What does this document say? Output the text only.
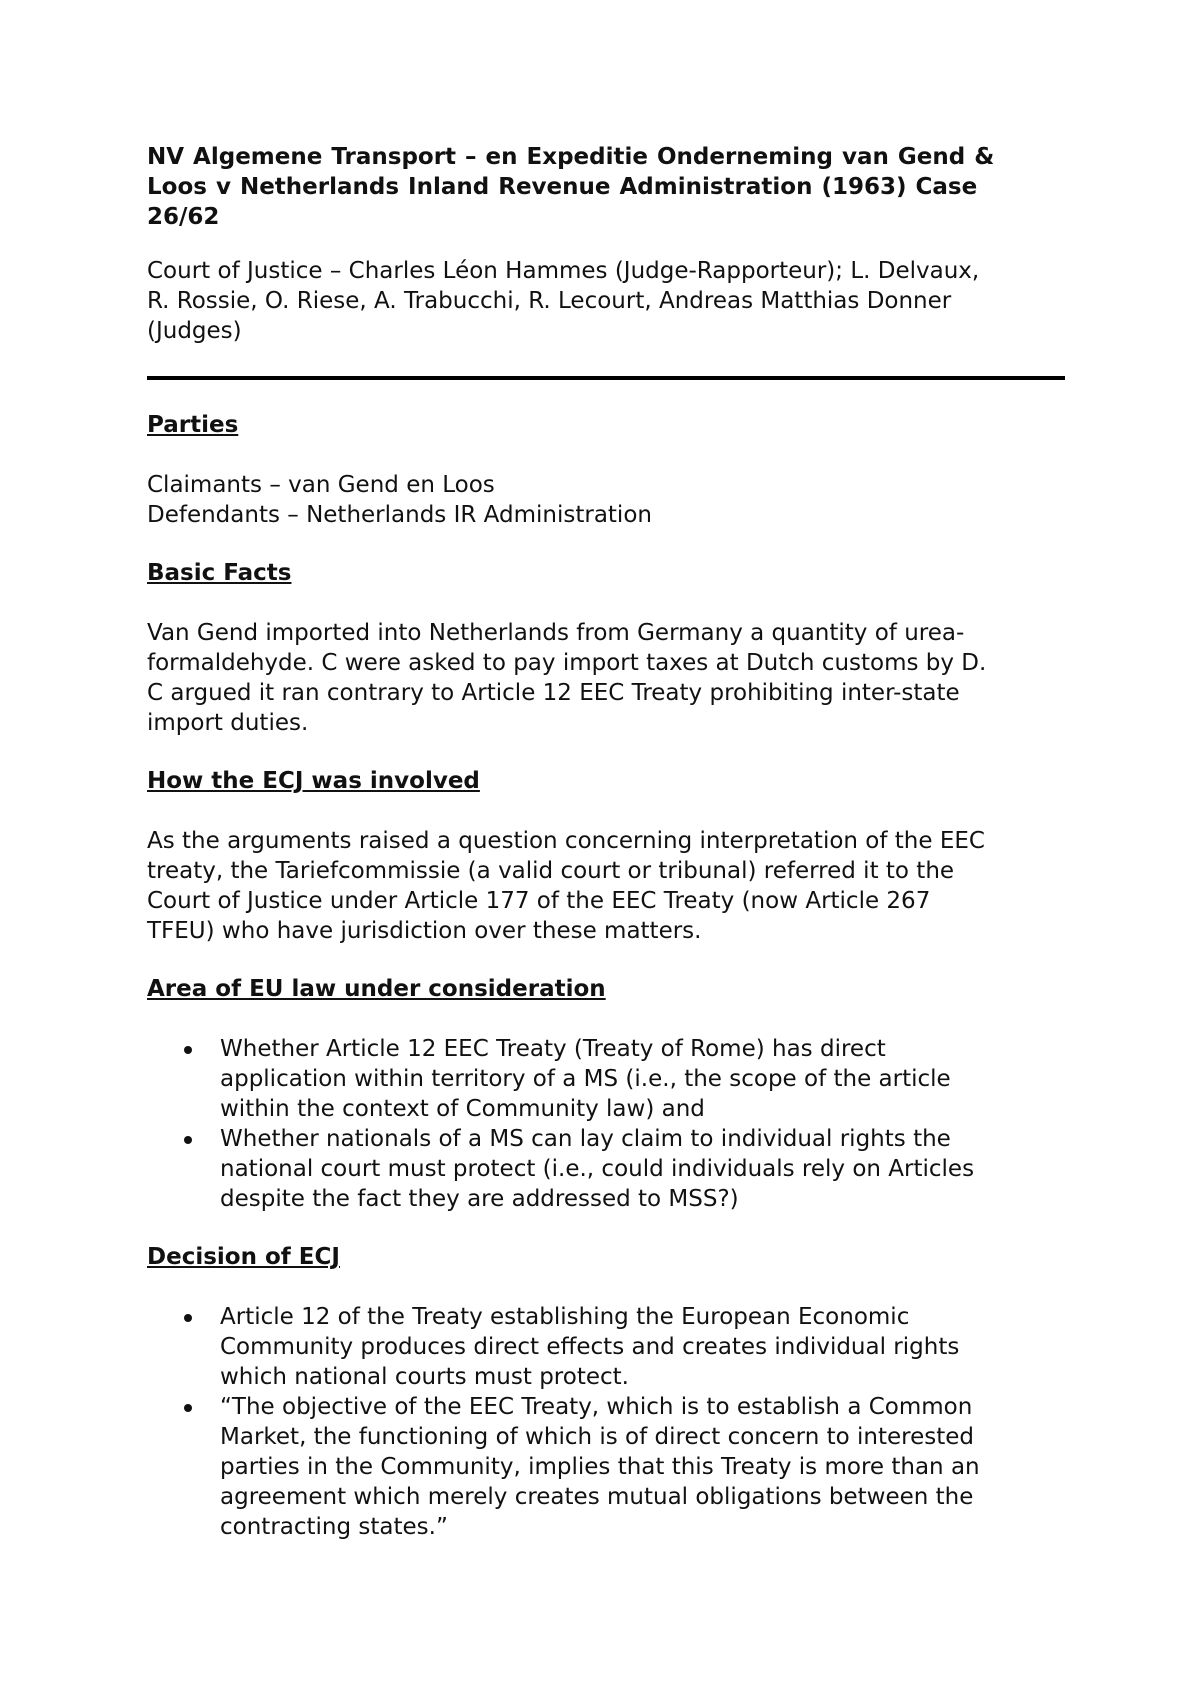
NV Algemene Transport – en Expeditie Onderneming van Gend &
Loos v Netherlands Inland Revenue Administration (1963) Case
26/62

Court of Justice – Charles Léon Hammes (Judge-Rapporteur); L. Delvaux,
R. Rossie, O. Riese, A. Trabucchi, R. Lecourt, Andreas Matthias Donner
(Judges)

Parties

Claimants – van Gend en Loos
Defendants – Netherlands IR Administration

Basic Facts

Van Gend imported into Netherlands from Germany a quantity of urea-
formaldehyde. C were asked to pay import taxes at Dutch customs by D.
C argued it ran contrary to Article 12 EEC Treaty prohibiting inter-state
import duties.

How the ECJ was involved

As the arguments raised a question concerning interpretation of the EEC
treaty, the Tariefcommissie (a valid court or tribunal) referred it to the
Court of Justice under Article 177 of the EEC Treaty (now Article 267
TFEU) who have jurisdiction over these matters.

Area of EU law under consideration
Whether Article 12 EEC Treaty (Treaty of Rome) has direct
application within territory of a MS (i.e., the scope of the article
within the context of Community law) and
Whether nationals of a MS can lay claim to individual rights the
national court must protect (i.e., could individuals rely on Articles
despite the fact they are addressed to MSS?)
Decision of ECJ
Article 12 of the Treaty establishing the European Economic
Community produces direct effects and creates individual rights
which national courts must protect.
“The objective of the EEC Treaty, which is to establish a Common
Market, the functioning of which is of direct concern to interested
parties in the Community, implies that this Treaty is more than an
agreement which merely creates mutual obligations between the
contracting states.”
